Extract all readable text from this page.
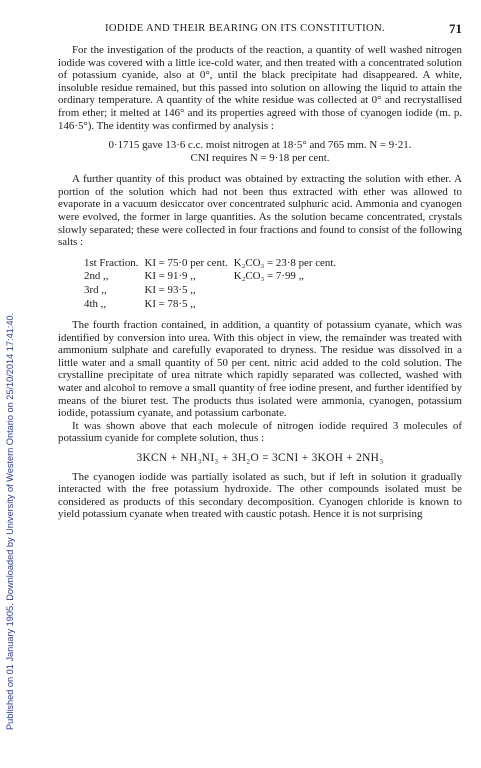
Published on 01 January 1905. Downloaded by University of Western Ontario on 25/10/2014 17:41:40.
IODIDE AND THEIR BEARING ON ITS CONSTITUTION.	71

For the investigation of the products of the reaction, a quantity of well washed nitrogen iodide was covered with a little ice-cold water, and then treated with a concentrated solution of potassium cyanide, also at 0°, until the black precipitate had disappeared. A white, insoluble residue remained, but this passed into solution on allowing the liquid to attain the ordinary temperature. A quantity of the white residue was collected at 0° and recrystallised from ether; it melted at 146° and its properties agreed with those of cyanogen iodide (m. p. 146·5°). The identity was confirmed by analysis :

0·1715 gave 13·6 c.c. moist nitrogen at 18·5° and 765 mm. N = 9·21.
CNI requires N = 9·18 per cent.

A further quantity of this product was obtained by extracting the solution with ether. A portion of the solution which had not been thus extracted with ether was allowed to evaporate in a vacuum desiccator over concentrated sulphuric acid. Ammonia and cyanogen were evolved, the former in large quantities. As the solution became concentrated, crystals slowly separated; these were collected in four fractions and found to consist of the following salts :

1st Fraction.	KI = 75·0 per cent.	K₂CO₃ = 23·8 per cent.
2nd ,,	KI = 91·9 ,,	K₂CO₃ = 7·99 ,,
3rd ,,	KI = 93·5 ,,	
4th ,,	KI = 78·5 ,,	

The fourth fraction contained, in addition, a quantity of potassium cyanate, which was identified by conversion into urea. With this object in view, the remainder was treated with ammonium sulphate and carefully evaporated to dryness. The residue was dissolved in a little water and a small quantity of 50 per cent. nitric acid added to the cold solution. The crystalline precipitate of urea nitrate which rapidly separated was collected, washed with water and alcohol to remove a small quantity of free iodine present, and further identified by means of the biuret test. The products thus isolated were ammonia, cyanogen, potassium iodide, potassium cyanate, and potassium carbonate.

It was shown above that each molecule of nitrogen iodide required 3 molecules of potassium cyanide for complete solution, thus :

3KCN + NH₃NI₃ + 3H₂O = 3CNI + 3KOH + 2NH₃

The cyanogen iodide was partially isolated as such, but if left in solution it gradually interacted with the free potassium hydroxide. The other compounds isolated must be considered as products of this secondary decomposition. Cyanogen chloride is known to yield potassium cyanate when treated with caustic potash. Hence it is not surprising
